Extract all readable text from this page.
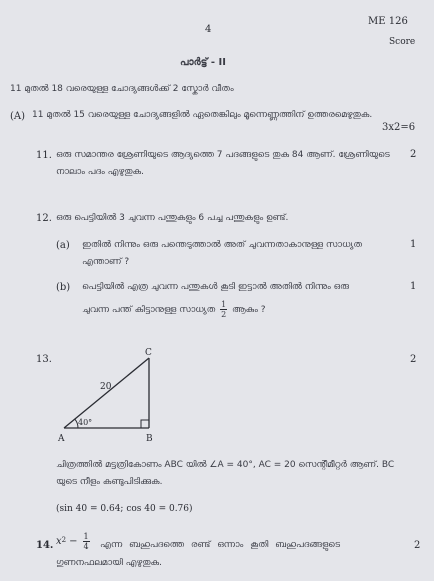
4
ME 126
Score
പാർട്ട് - II
11 മുതൽ 18 വരെയുള്ള ചോദ്യങ്ങൾക്ക് 2 സ്കോർ വീതം
(A) 11 മുതൽ 15 വരെയുള്ള ചോദ്യങ്ങളിൽ ഏതെങ്കിലും മൂന്നെണ്ണത്തിന് ഉത്തരമെഴുതുക.
3x2=6
11. ഒരു സമാന്തര ശ്രേണിയുടെ ആദ്യത്തെ 7 പദങ്ങളുടെ തുക 84 ആണ്. ശ്രേണിയുടെ
നാലാം പദം എഴുതുക.
2
12. ഒരു പെട്ടിയിൽ 3 ചുവന്ന പന്തുകളും 6 പച്ച പന്തുകളും ഉണ്ട്.
(a) ഇതിൽ നിന്നും ഒരു പന്തെടുത്താൽ അത് ചുവന്നതാകാനുള്ള സാധ്യത
എന്താണ് ?
1
(b) പെട്ടിയിൽ എത്ര ചുവന്ന പന്തുകൾ കൂടി ഇട്ടാൽ അതിൽ നിന്നും ഒരു
ചുവന്ന പന്ത് കിട്ടാനുള്ള സാധ്യത $\frac{1}{2}$ ആകും ?
1
13.	2
A	B
C
20
40°
ചിത്രത്തിൽ മട്ടത്രികോണം ABC യിൽ ∠A = 40°, AC = 20 സെന്റീമീറ്റർ ആണ്. BC
യുടെ നീളം കണ്ടുപിടിക്കുക.
(sin 40 = 0.64; cos 40 = 0.76)
14. $x^2 - \frac{1}{4}$ എന്ന ബഹുപദത്തെ രണ്ട് ഒന്നാം കൂതി ബഹുപദങ്ങളുടെ
ഗുണനഫലമായി എഴുതുക.
2
